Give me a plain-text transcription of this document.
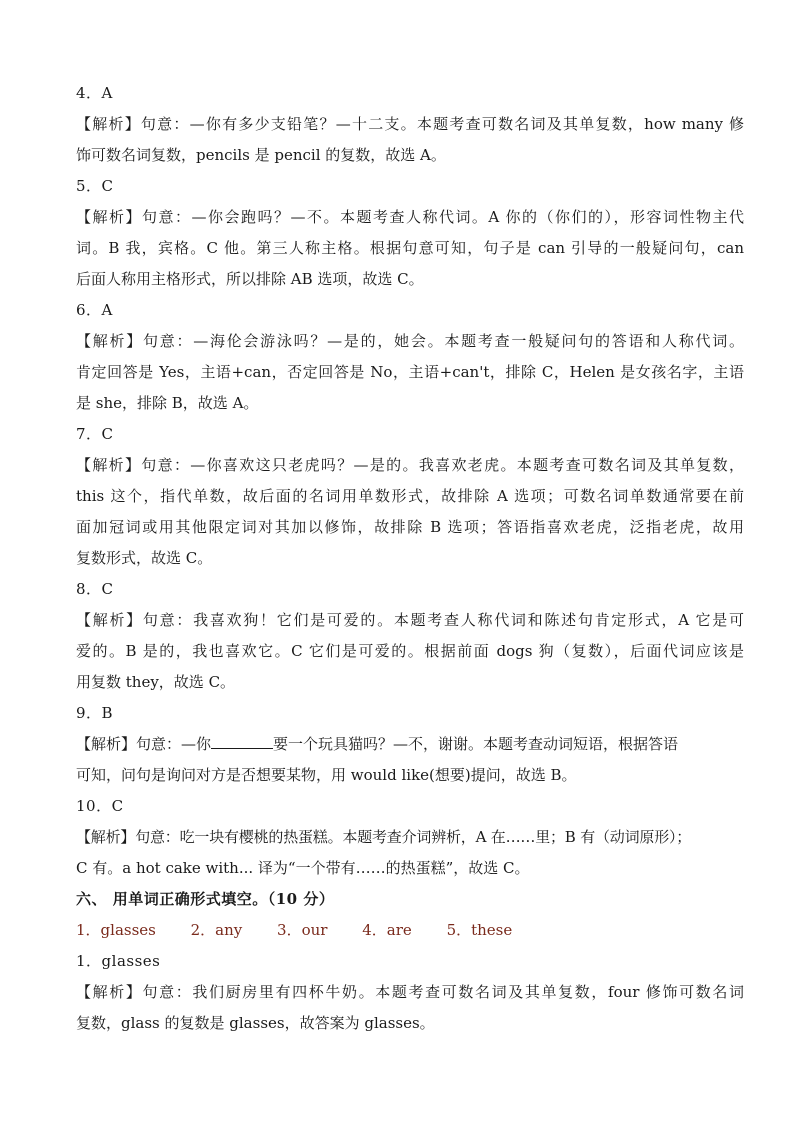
4．A
【解析】句意：—你有多少支铅笔？—十二支。本题考查可数名词及其单复数，how many 修
饰可数名词复数，pencils 是 pencil 的复数，故选 A。
5．C
【解析】句意：—你会跑吗？—不。本题考查人称代词。A 你的（你们的），形容词性物主代
词。B 我，宾格。C 他。第三人称主格。根据句意可知，句子是 can 引导的一般疑问句，can
后面人称用主格形式，所以排除 AB 选项，故选 C。
6．A
【解析】句意：—海伦会游泳吗？—是的，她会。本题考查一般疑问句的答语和人称代词。
肯定回答是 Yes，主语+can，否定回答是 No，主语+can't，排除 C，Helen 是女孩名字，主语
是 she，排除 B，故选 A。
7．C
【解析】句意：—你喜欢这只老虎吗？—是的。我喜欢老虎。本题考查可数名词及其单复数，
this 这个，指代单数，故后面的名词用单数形式，故排除 A 选项；可数名词单数通常要在前
面加冠词或用其他限定词对其加以修饰，故排除 B 选项；答语指喜欢老虎，泛指老虎，故用
复数形式，故选 C。
8．C
【解析】句意：我喜欢狗！它们是可爱的。本题考查人称代词和陈述句肯定形式，A 它是可
爱的。B 是的，我也喜欢它。C 它们是可爱的。根据前面 dogs 狗（复数），后面代词应该是
用复数 they，故选 C。
9．B
【解析】句意：—你	要一个玩具猫吗？—不，谢谢。本题考查动词短语，根据答语
可知，问句是询问对方是否想要某物，用 would like(想要)提问，故选 B。
10．C
【解析】句意：吃一块有樱桃的热蛋糕。本题考查介词辨析，A 在……里；B 有（动词原形）；
C 有。a hot cake with... 译为“一个带有……的热蛋糕”，故选 C。
六、 用单词正确形式填空。（10 分）
1．glasses 2．any 3．our 4．are 5．these
1．glasses
【解析】句意：我们厨房里有四杯牛奶。本题考查可数名词及其单复数，four 修饰可数名词
复数，glass 的复数是 glasses，故答案为 glasses。
